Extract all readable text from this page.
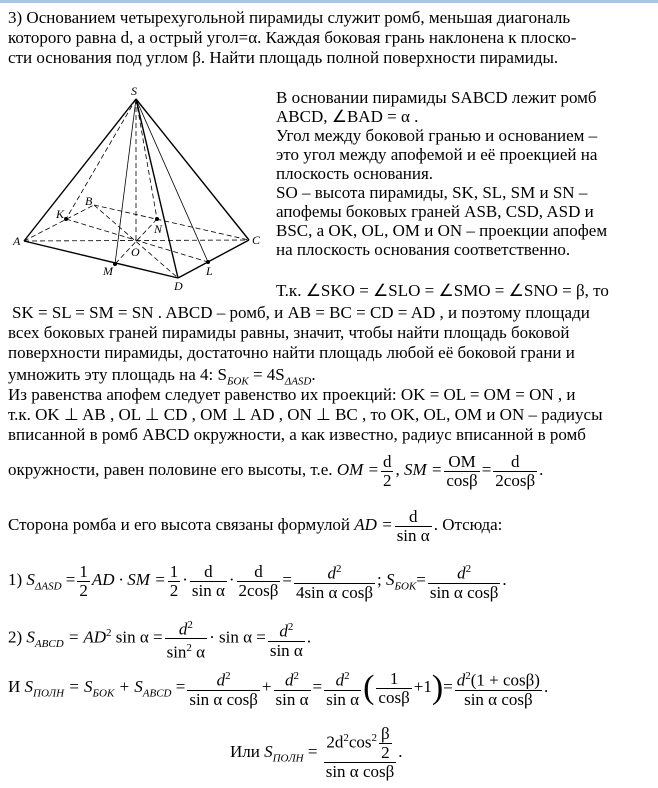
3) Основанием четырехугольной пирамиды служит ромб, меньшая диагональ
которого равна d, а острый угол=α. Каждая боковая грань наклонена к плоско-
сти основания под углом β. Найти площадь полной поверхности пирамиды.
S
A
B
C
D
O
K
N
M	L
В основании пирамиды SABCD лежит ромб
ABCD, ∠BAD = α .
Угол между боковой гранью и основанием –
это угол между апофемой и её проекцией на
плоскость основания.
SO – высота пирамиды, SK, SL, SM и SN –
апофемы боковых граней ASB, CSD, ASD и
BSC, а OK, OL, OM и ON – проекции апофем
на плоскость основания соответственно.
Т.к. ∠SKO = ∠SLO = ∠SMO = ∠SNO = β, то
SK = SL = SM = SN . ABCD – ромб, и AB = BC = CD = AD , и поэтому площади
всех боковых граней пирамиды равны, значит, чтобы найти площадь боковой
поверхности пирамиды, достаточно найти площадь любой её боковой грани и
умножить эту площадь на 4: $S_{БОК} = 4S_{\Delta ASD}$.
Из равенства апофем следует равенство их проекций: OK = OL = OM = ON , и
т.к. OK ⊥ AB , OL ⊥ CD , OM ⊥ AD , ON ⊥ BC , то OK, OL, OM и ON – радиусы
вписанной в ромб ABCD окружности, а как известно, радиус вписанной в ромб
окружности, равен половине его высоты, т.е. OM = $\frac{d}{2}$ , SM = $\frac{OM}{\cos\beta} = \frac{d}{2\cos\beta}$ .
Сторона ромба и его высота связаны формулой AD = $\frac{d}{\text{sin α}}$ . Отсюда:
1) $S_{\Delta ASD} = \frac{1}{2}$ AD · SM = $\frac{1}{2} \cdot \frac{d}{\text{sin α}} \cdot \frac{d}{2\cos\beta} = \frac{d^2}{\text{4sin α cosβ}}$ ; $S_{БОК}= \frac{d^2}{\text{sin α cosβ}}$ .
2) $S_{ABCD} = AD^2$ $\sin \alpha = \frac{d^2}{\sin^2 \alpha} \cdot \sin \alpha = \frac{d^2}{\text{sin α}}$ .
И $S_{ПОЛН} = S_{БОК} + S_{ABCD} = \frac{d^2}{\text{sin α cosβ}} + \frac{d^2}{\text{sin α}} = \frac{d^2}{\text{sin α}}$ ( $\frac{1}{\cos\beta} +1)= \frac{d^2(1 + \cos\beta)}{\text{sin α cosβ}}$ .
Или $S_{ПОЛН} = \frac{2d^2\cos^2 \frac{\beta}{2}}{\text{sin α cosβ}}$ .
